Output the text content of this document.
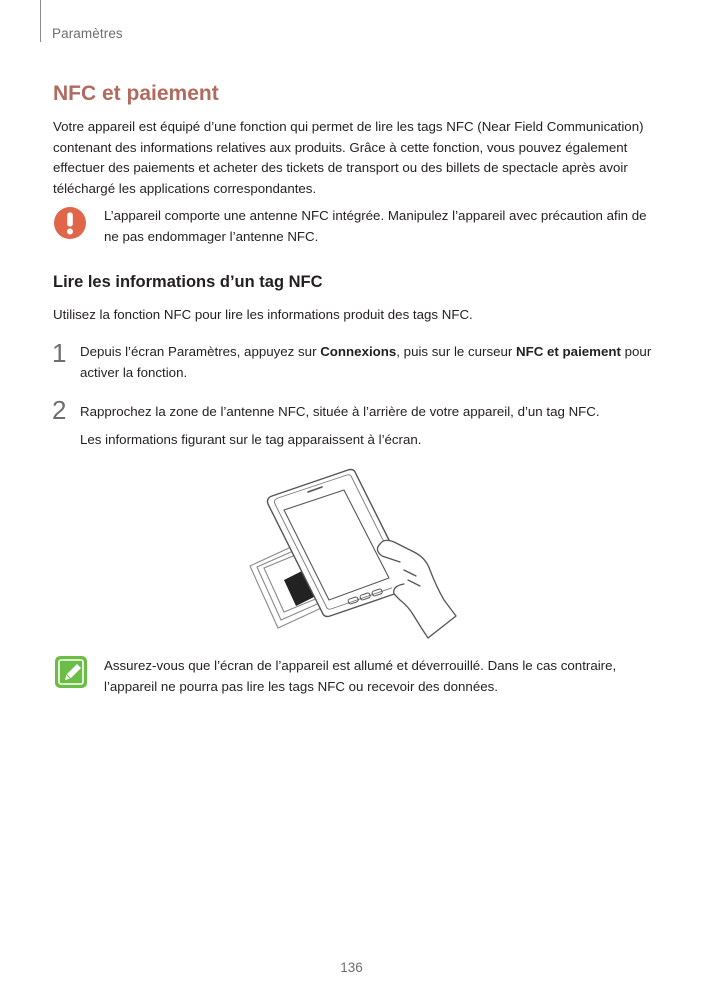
Paramètres
NFC et paiement
Votre appareil est équipé d’une fonction qui permet de lire les tags NFC (Near Field Communication) contenant des informations relatives aux produits. Grâce à cette fonction, vous pouvez également effectuer des paiements et acheter des tickets de transport ou des billets de spectacle après avoir téléchargé les applications correspondantes.
L’appareil comporte une antenne NFC intégrée. Manipulez l’appareil avec précaution afin de ne pas endommager l’antenne NFC.
Lire les informations d’un tag NFC
Utilisez la fonction NFC pour lire les informations produit des tags NFC.
1 Depuis l’écran Paramètres, appuyez sur Connexions, puis sur le curseur NFC et paiement pour activer la fonction.
2 Rapprochez la zone de l’antenne NFC, située à l’arrière de votre appareil, d’un tag NFC.
Les informations figurant sur le tag apparaissent à l’écran.
Assurez-vous que l’écran de l’appareil est allumé et déverrouillé. Dans le cas contraire, l’appareil ne pourra pas lire les tags NFC ou recevoir des données.
136
